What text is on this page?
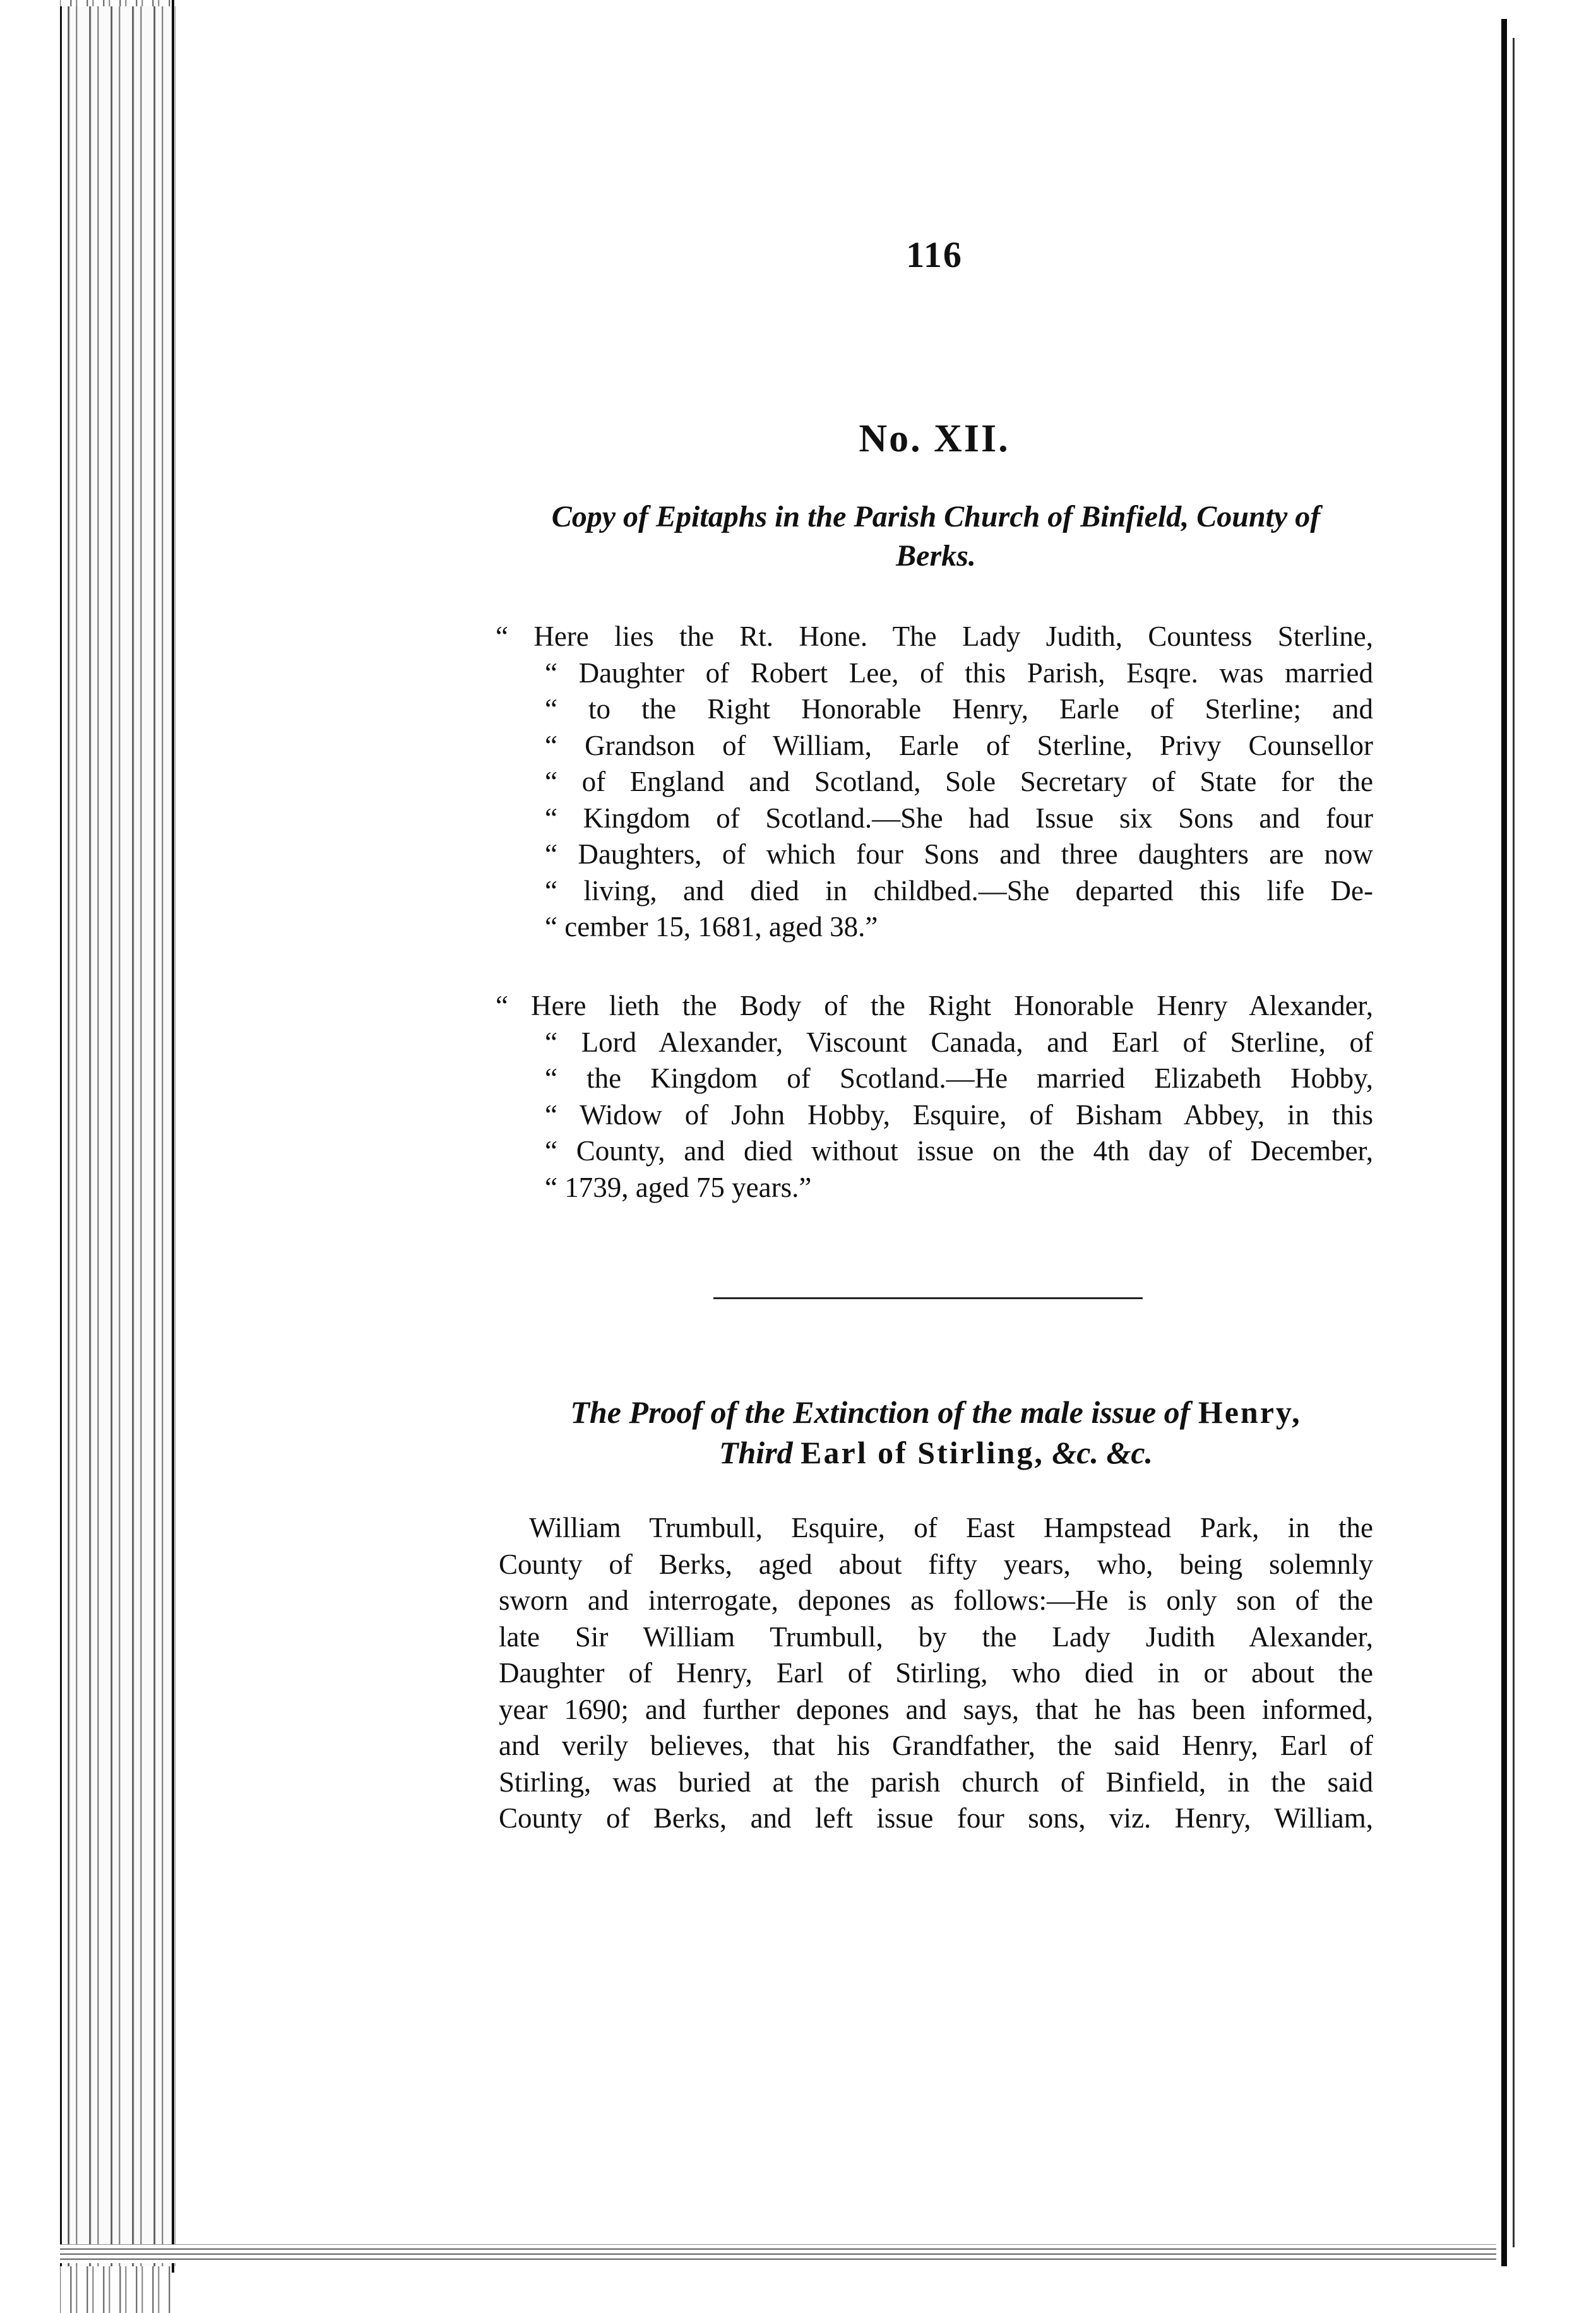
116
No. XII.
Copy of Epitaphs in the Parish Church of Binfield, County of
Berks.
“ Here lies the Rt. Hone. The Lady Judith, Countess Sterline,
“ Daughter of Robert Lee, of this Parish, Esqre. was married
“ to the Right Honorable Henry, Earle of Sterline; and
“ Grandson of William, Earle of Sterline, Privy Counsellor
“ of England and Scotland, Sole Secretary of State for the
“ Kingdom of Scotland.—She had Issue six Sons and four
“ Daughters, of which four Sons and three daughters are now
“ living, and died in childbed.—She departed this life De-
“ cember 15, 1681, aged 38.”
“ Here lieth the Body of the Right Honorable Henry Alexander,
“ Lord Alexander, Viscount Canada, and Earl of Sterline, of
“ the Kingdom of Scotland.—He married Elizabeth Hobby,
“ Widow of John Hobby, Esquire, of Bisham Abbey, in this
“ County, and died without issue on the 4th day of December,
“ 1739, aged 75 years.”
The Proof of the Extinction of the male issue of Henry,
Third Earl of Stirling, &c. &c.
William Trumbull, Esquire, of East Hampstead Park, in the
County of Berks, aged about fifty years, who, being solemnly
sworn and interrogate, depones as follows:—He is only son of the
late Sir William Trumbull, by the Lady Judith Alexander,
Daughter of Henry, Earl of Stirling, who died in or about the
year 1690; and further depones and says, that he has been informed,
and verily believes, that his Grandfather, the said Henry, Earl of
Stirling, was buried at the parish church of Binfield, in the said
County of Berks, and left issue four sons, viz. Henry, William,
